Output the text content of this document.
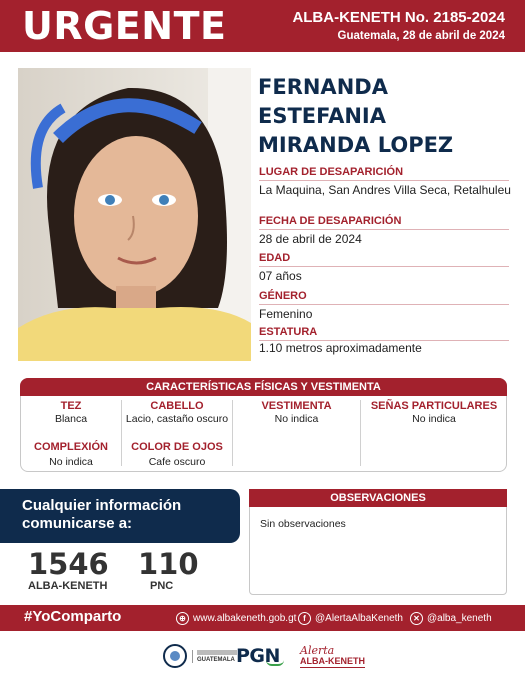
URGENTE	ALBA-KENETH No. 2185-2024
Guatemala, 28 de abril de 2024
FERNANDA
ESTEFANIA
MIRANDA LOPEZ
LUGAR DE DESAPARICIÓN
La Maquina, San Andres Villa Seca, Retalhuleu
FECHA DE DESAPARICIÓN
28 de abril de 2024
EDAD
07 años
GÉNERO
Femenino
ESTATURA
1.10 metros aproximadamente
CARACTERÍSTICAS FÍSICAS Y VESTIMENTA
TEZ
Blanca
CABELLO
Lacio, castaño oscuro
VESTIMENTA
No indica
SEÑAS PARTICULARES
No indica
COMPLEXIÓN
No indica
COLOR DE OJOS
Cafe oscuro
Cualquier información comunicarse a:
1546
ALBA-KENETH
110
PNC
OBSERVACIONES
Sin observaciones
#YoComparto	⊕ www.albakeneth.gob.gt f @AlertaAlbaKeneth	✕ @alba_keneth
GUATEMALA PGN Alerta
ALBA-KENETH
